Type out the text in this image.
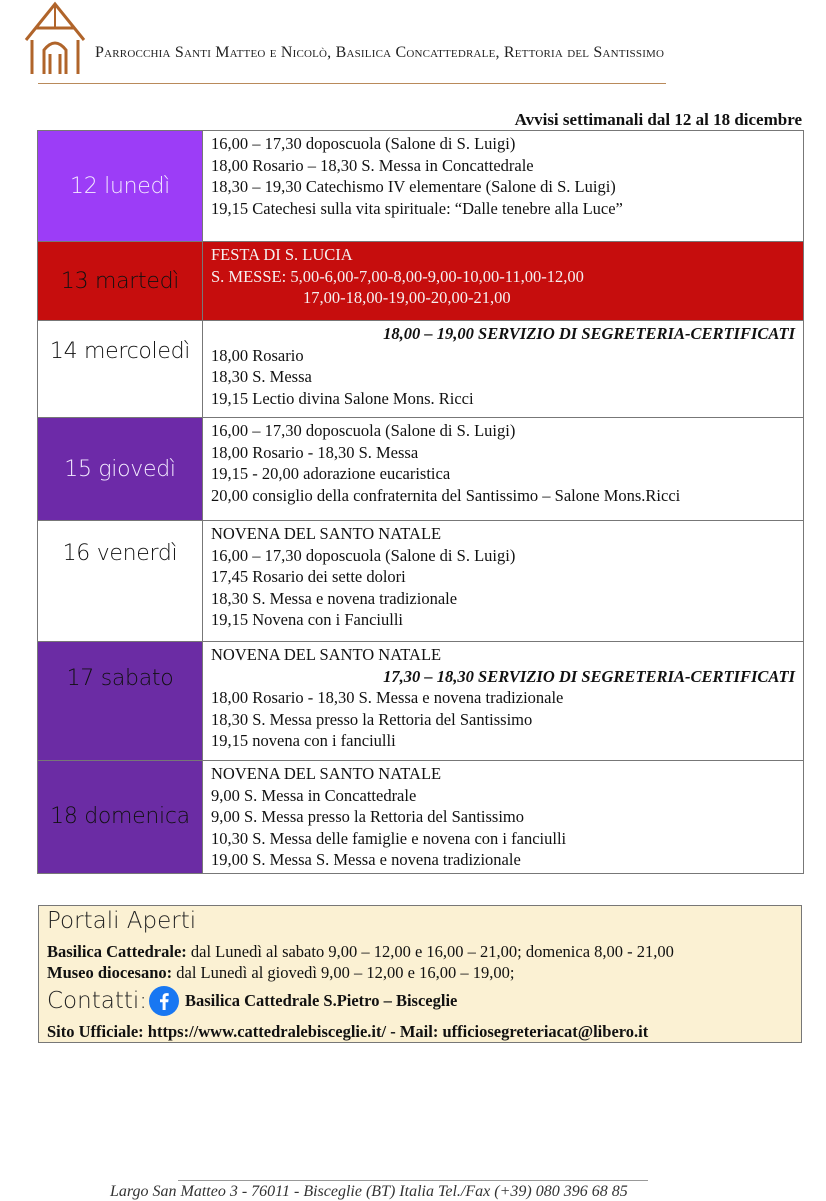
Parrocchia Santi Matteo e Nicolò, Basilica Concattedrale, Rettoria del Santissimo
Avvisi settimanali dal 12 al 18 dicembre
12 lunedì	16,00 – 17,30 doposcuola (Salone di S. Luigi)
18,00 Rosario – 18,30 S. Messa in Concattedrale
18,30 – 19,30 Catechismo IV elementare (Salone di S. Luigi)
19,15 Catechesi sulla vita spirituale: “Dalle tenebre alla Luce”

13 martedì	FESTA DI S. LUCIA
S. MESSE: 5,00-6,00-7,00-8,00-9,00-10,00-11,00-12,00
17,00-18,00-19,00-20,00-21,00

14 mercoledì	18,00 – 19,00 SERVIZIO DI SEGRETERIA-CERTIFICATI
18,00 Rosario
18,30 S. Messa
19,15 Lectio divina Salone Mons. Ricci

15 giovedì	16,00 – 17,30 doposcuola (Salone di S. Luigi)
18,00 Rosario - 18,30 S. Messa
19,15 - 20,00 adorazione eucaristica
20,00 consiglio della confraternita del Santissimo – Salone Mons.Ricci

16 venerdì	NOVENA DEL SANTO NATALE
16,00 – 17,30 doposcuola (Salone di S. Luigi)
17,45 Rosario dei sette dolori
18,30 S. Messa e novena tradizionale
19,15 Novena con i Fanciulli

17 sabato	NOVENA DEL SANTO NATALE
17,30 – 18,30 SERVIZIO DI SEGRETERIA-CERTIFICATI
18,00 Rosario - 18,30 S. Messa e novena tradizionale
18,30 S. Messa presso la Rettoria del Santissimo
19,15 novena con i fanciulli

18 domenica	NOVENA DEL SANTO NATALE
9,00 S. Messa in Concattedrale
9,00 S. Messa presso la Rettoria del Santissimo
10,30 S. Messa delle famiglie e novena con i fanciulli
19,00 S. Messa S. Messa e novena tradizionale
Portali Aperti
Basilica Cattedrale: dal Lunedì al sabato 9,00 – 12,00 e 16,00 – 21,00; domenica 8,00 - 21,00
Museo diocesano: dal Lunedì al giovedì 9,00 – 12,00 e 16,00 – 19,00;
Contatti: Basilica Cattedrale S.Pietro – Bisceglie
Sito Ufficiale: https://www.cattedralebisceglie.it/ - Mail: ufficiosegreteriacat@libero.it
Largo San Matteo 3 - 76011 - Bisceglie (BT) Italia Tel./Fax (+39) 080 396 68 85
